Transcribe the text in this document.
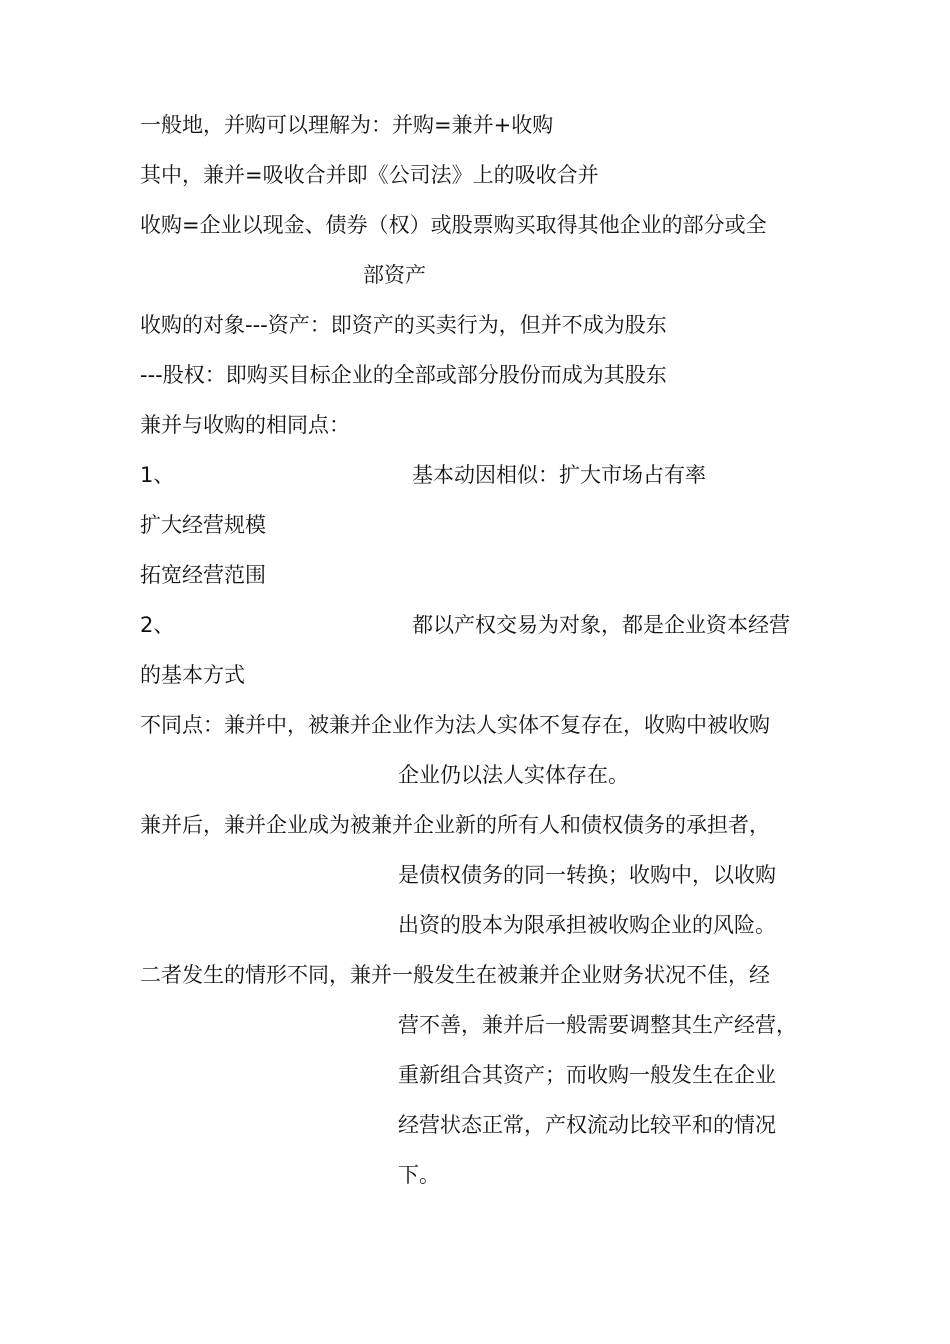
一般地，并购可以理解为：并购=兼并+收购
其中，兼并=吸收合并即《公司法》上的吸收合并
收购=企业以现金、债券（权）或股票购买取得其他企业的部分或全
部资产
收购的对象---资产：即资产的买卖行为，但并不成为股东
---股权：即购买目标企业的全部或部分股份而成为其股东
兼并与收购的相同点：
1、	基本动因相似：扩大市场占有率
扩大经营规模
拓宽经营范围
2、	都以产权交易为对象，都是企业资本经营
的基本方式
不同点：兼并中，被兼并企业作为法人实体不复存在，收购中被收购
企业仍以法人实体存在。
兼并后，兼并企业成为被兼并企业新的所有人和债权债务的承担者，
是债权债务的同一转换；收购中，以收购
出资的股本为限承担被收购企业的风险。
二者发生的情形不同，兼并一般发生在被兼并企业财务状况不佳，经
营不善，兼并后一般需要调整其生产经营，
重新组合其资产；而收购一般发生在企业
经营状态正常，产权流动比较平和的情况
下。
